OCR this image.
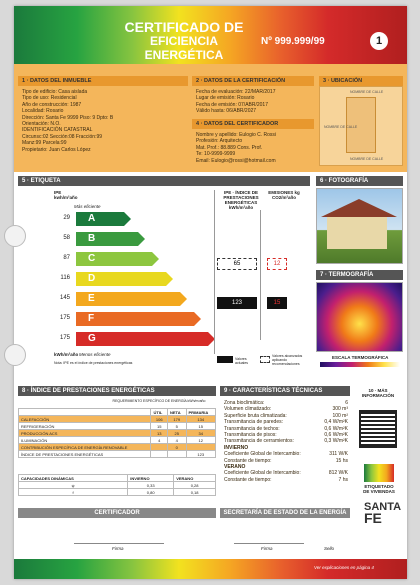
CERTIFICADO DE
EFICIENCIA ENERGÉTICA
Nº 999.999/99	1
1 · DATOS DEL INMUEBLE
Tipo de edificio: Casa aislada
Tipo de uso: Residencial
Año de construcción: 1987
Localidad: Rosario
Dirección: Santa Fe 9999 Piso: 9 Dpto: B
Orientación: N.O.
IDENTIFICACIÓN CATASTRAL
Circunsc:02 Sección:08 Fracción:99
Manz:99 Parcela:99
Propietario: Juan Carlos López
2 · DATOS DE LA CERTIFICACIÓN
Fecha de evaluación: 22/MAR/2017
Lugar de emisión: Rosario
Fecha de emisión: 07/ABR/2017
Válido hasta: 06/ABR/2027
4 · DATOS DEL CERTIFICADOR
Nombre y apellido: Eulogio C. Rossi
Profesión: Arquitecto
Mat. Prof.: 88.889 Cons. Prof.
Te: 10-9999-9999
Email: Eulogio@rossi@hotmail.com
3 · UBICACIÓN
NOMBRE DE CALLE
NOMBRE DE CALLE
NOMBRE DE CALLE
5 · ETIQUETA
IPE kwh/m²año
Más eficiente
29	A
58	B
87	C
116	D
145	E
175	F
175	G
Menos eficiente
kWh/m²año
Nota: IPE es el índice de prestaciones energéticas
IPE · ÍNDICE DE PRESTACIONES ENERGÉTICAS kWh/m²año
EMISIONES kg CO2/m²año
65	12
123	15
Valores actuales
Valores alcanzados aplicando recomendaciones
6 · FOTOGRAFÍA
7 · TERMOGRAFÍA
ESCALA TERMOGRÁFICA
8 · ÍNDICE DE PRESTACIONES ENERGÉTICAS
REQUERIMIENTO ESPECÍFICO DE ENERGÍA kWh/m²año
	ÚTIL	NETA	PRIMARIA
CALEFACCIÓN	106	179	134
REFRIGERACIÓN	15	5	15
PRODUCCIÓN ACS	13	25	34
ILUMINACIÓN	4	4	12
CONTRIBUCIÓN ESPECÍFICA DE ENERGÍA RENOVABLE		0	
ÍNDICE DE PRESTACIONES ENERGÉTICAS			123
CAPACIDADES DINÁMICAS	INVIERNO	VERANO
ψ	0,33	0,28
f	0,80	0,18
9 · CARACTERÍSTICAS TÉCNICAS
Zona bioclimática:	6
Volumen climatizado:	300 m³
Superficie bruta climatizada:	100 m²
Transmitancia de paredes:	0,4 W/m²K
Transmitancia de techos:	0,6 W/m²K
Transmitancia de pisos:	0,6 W/m²K
Transmitancia de cerramientos:	0,3 W/m²K
INVIERNO
Coeficiente Global de Intercambio:	311 W/K
Constante de tiempo:	15 hs
VERANO
Coeficiente Global de Intercambio:	812 W/K
Constante de tiempo:	7 hs
10 · MÁS INFORMACIÓN
ETIQUETADO
DE VIVIENDAS
SANTA
FE
CERTIFICADOR	SECRETARÍA DE ESTADO DE LA ENERGÍA
Firma	Firma	Sello
Ver explicaciones en página 4
